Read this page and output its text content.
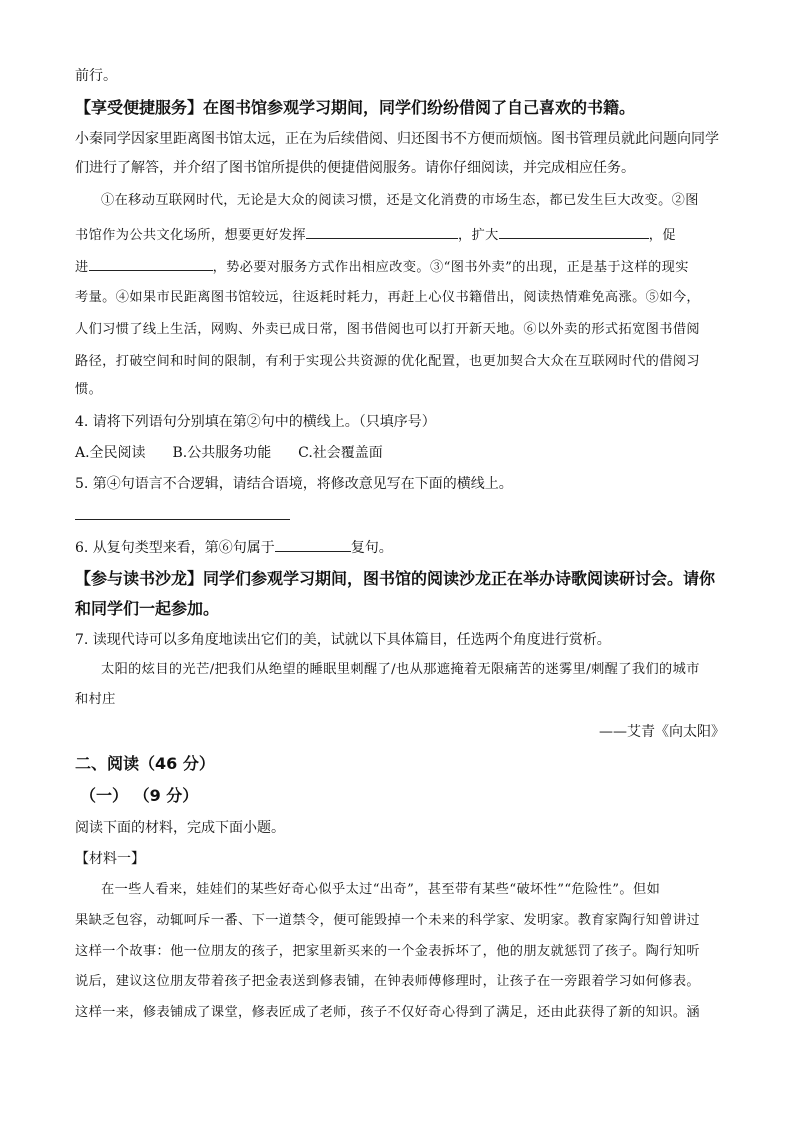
前行。
【享受便捷服务】在图书馆参观学习期间，同学们纷纷借阅了自己喜欢的书籍。
小秦同学因家里距离图书馆太远，正在为后续借阅、归还图书不方便而烦恼。图书管理员就此问题向同学
们进行了解答，并介绍了图书馆所提供的便捷借阅服务。请你仔细阅读，并完成相应任务。
①在移动互联网时代，无论是大众的阅读习惯，还是文化消费的市场生态，都已发生巨大改变。②图
书馆作为公共文化场所，想要更好发挥	，扩大	，促
进	，势必要对服务方式作出相应改变。③“图书外卖”的出现，正是基于这样的现实
考量。④如果市民距离图书馆较远，往返耗时耗力，再赶上心仪书籍借出，阅读热情难免高涨。⑤如今，
人们习惯了线上生活，网购、外卖已成日常，图书借阅也可以打开新天地。⑥以外卖的形式拓宽图书借阅
路径，打破空间和时间的限制，有利于实现公共资源的优化配置，也更加契合大众在互联网时代的借阅习
惯。
4. 请将下列语句分别填在第②句中的横线上。（只填序号）
A.全民阅读 B.公共服务功能 C.社会覆盖面
5. 第④句语言不合逻辑，请结合语境，将修改意见写在下面的横线上。
6. 从复句类型来看，第⑥句属于	复句。
【参与读书沙龙】同学们参观学习期间，图书馆的阅读沙龙正在举办诗歌阅读研讨会。请你
和同学们一起参加。
7. 读现代诗可以多角度地读出它们的美，试就以下具体篇目，任选两个角度进行赏析。
太阳的炫目的光芒/把我们从绝望的睡眠里刺醒了/也从那遮掩着无限痛苦的迷雾里/刺醒了我们的城市
和村庄
——艾青《向太阳》
二、阅读（46 分）
（一） （9 分）
阅读下面的材料，完成下面小题。
【材料一】
在一些人看来，娃娃们的某些好奇心似乎太过“出奇”，甚至带有某些“破坏性”“危险性”。但如
果缺乏包容，动辄呵斥一番、下一道禁令，便可能毁掉一个未来的科学家、发明家。教育家陶行知曾讲过
这样一个故事：他一位朋友的孩子，把家里新买来的一个金表拆坏了，他的朋友就惩罚了孩子。陶行知听
说后，建议这位朋友带着孩子把金表送到修表铺，在钟表师傅修理时，让孩子在一旁跟着学习如何修表。
这样一来，修表铺成了课堂，修表匠成了老师，孩子不仅好奇心得到了满足，还由此获得了新的知识。涵
